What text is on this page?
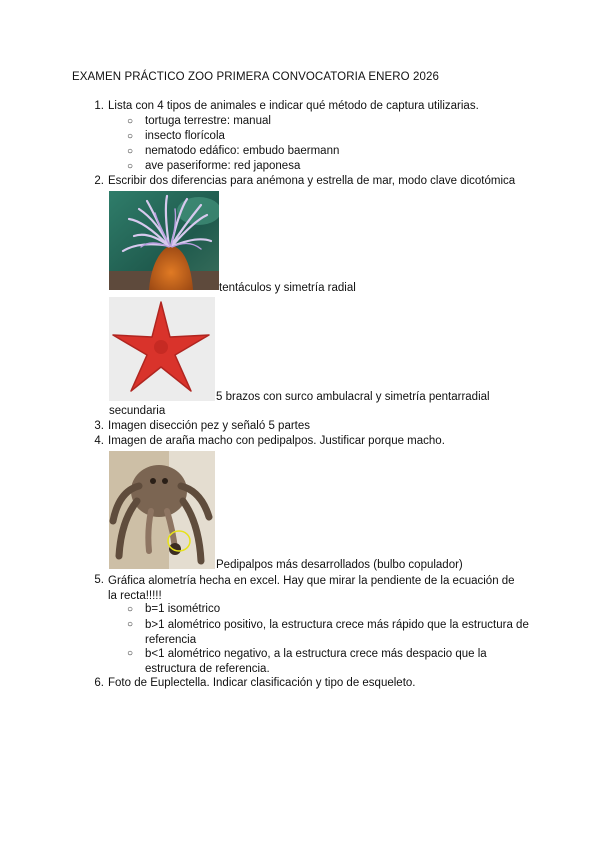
EXAMEN PRÁCTICO ZOO PRIMERA CONVOCATORIA ENERO 2026
1. Lista con 4 tipos de animales e indicar qué método de captura utilizarias.
○ tortuga terrestre: manual
○ insecto florícola
○ nematodo edáfico: embudo baermann
○ ave paseriforme: red japonesa
2. Escribir dos diferencias para anémona y estrella de mar, modo clave dicotómica
tentáculos y simetría radial
5 brazos con surco ambulacral y simetría pentarradial
secundaria
3. Imagen disección pez y señaló 5 partes
4. Imagen de araña macho con pedipalpos. Justificar porque macho.
Pedipalpos más desarrollados (bulbo copulador)
5. Gráfica alometría hecha en excel. Hay que mirar la pendiente de la ecuación de la recta!!!!!
○ b=1 isométrico
○ b>1 alométrico positivo, la estructura crece más rápido que la estructura de referencia
○ b<1 alométrico negativo, a la estructura crece más despacio que la estructura de referencia.
6. Foto de Euplectella. Indicar clasificación y tipo de esqueleto.
